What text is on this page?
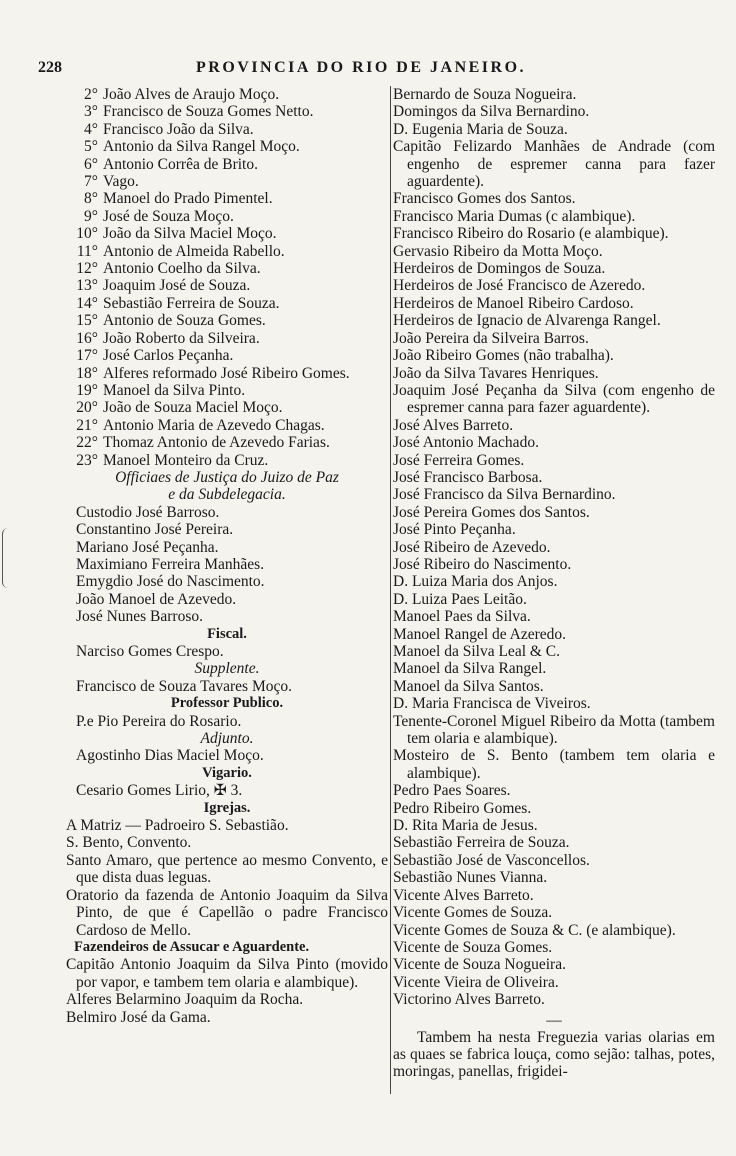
228	PROVINCIA DO RIO DE JANEIRO.
2° João Alves de Araujo Moço.
3° Francisco de Souza Gomes Netto.
4° Francisco João da Silva.
5° Antonio da Silva Rangel Moço.
6° Antonio Corrêa de Brito.
7° Vago.
8° Manoel do Prado Pimentel.
9° José de Souza Moço.
10° João da Silva Maciel Moço.
11° Antonio de Almeida Rabello.
12° Antonio Coelho da Silva.
13° Joaquim José de Souza.
14° Sebastião Ferreira de Souza.
15° Antonio de Souza Gomes.
16° João Roberto da Silveira.
17° José Carlos Peçanha.
18° Alferes reformado José Ribeiro Gomes.
19° Manoel da Silva Pinto.
20° João de Souza Maciel Moço.
21° Antonio Maria de Azevedo Chagas.
22° Thomaz Antonio de Azevedo Farias.
23° Manoel Monteiro da Cruz.
Officiaes de Justiça do Juizo de Paz
e da Subdelegacia.
Custodio José Barroso.
Constantino José Pereira.
Mariano José Peçanha.
Maximiano Ferreira Manhães.
Emygdio José do Nascimento.
João Manoel de Azevedo.
José Nunes Barroso.
Fiscal.
Narciso Gomes Crespo.
Supplente.
Francisco de Souza Tavares Moço.
Professor Publico.
P.e Pio Pereira do Rosario.
Adjunto.
Agostinho Dias Maciel Moço.
Vigario.
Cesario Gomes Lirio, ✠ 3.
Igrejas.
A Matriz — Padroeiro S. Sebastião.
S. Bento, Convento.
Santo Amaro, que pertence ao mesmo Convento, e que dista duas leguas.
Oratorio da fazenda de Antonio Joaquim da Silva Pinto, de que é Capellão o padre Francisco Cardoso de Mello.
Fazendeiros de Assucar e Aguardente.
Capitão Antonio Joaquim da Silva Pinto (movido por vapor, e tambem tem olaria e alambique).
Alferes Belarmino Joaquim da Rocha.
Belmiro José da Gama.
Bernardo de Souza Nogueira.
Domingos da Silva Bernardino.
D. Eugenia Maria de Souza.
Capitão Felizardo Manhães de Andrade (com engenho de espremer canna para fazer aguardente).
Francisco Gomes dos Santos.
Francisco Maria Dumas (c alambique).
Francisco Ribeiro do Rosario (e alambique).
Gervasio Ribeiro da Motta Moço.
Herdeiros de Domingos de Souza.
Herdeiros de José Francisco de Azeredo.
Herdeiros de Manoel Ribeiro Cardoso.
Herdeiros de Ignacio de Alvarenga Rangel.
João Pereira da Silveira Barros.
João Ribeiro Gomes (não trabalha).
João da Silva Tavares Henriques.
Joaquim José Peçanha da Silva (com engenho de espremer canna para fazer aguardente).
José Alves Barreto.
José Antonio Machado.
José Ferreira Gomes.
José Francisco Barbosa.
José Francisco da Silva Bernardino.
José Pereira Gomes dos Santos.
José Pinto Peçanha.
José Ribeiro de Azevedo.
José Ribeiro do Nascimento.
D. Luiza Maria dos Anjos.
D. Luiza Paes Leitão.
Manoel Paes da Silva.
Manoel Rangel de Azeredo.
Manoel da Silva Leal & C.
Manoel da Silva Rangel.
Manoel da Silva Santos.
D. Maria Francisca de Viveiros.
Tenente-Coronel Miguel Ribeiro da Motta (tambem tem olaria e alambique).
Mosteiro de S. Bento (tambem tem olaria e alambique).
Pedro Paes Soares.
Pedro Ribeiro Gomes.
D. Rita Maria de Jesus.
Sebastião Ferreira de Souza.
Sebastião José de Vasconcellos.
Sebastião Nunes Vianna.
Vicente Alves Barreto.
Vicente Gomes de Souza.
Vicente Gomes de Souza & C. (e alambique).
Vicente de Souza Gomes.
Vicente de Souza Nogueira.
Vicente Vieira de Oliveira.
Victorino Alves Barreto.
—
Tambem ha nesta Freguezia varias olarias em as quaes se fabrica louça, como sejão: talhas, potes, moringas, panellas, frigidei-
